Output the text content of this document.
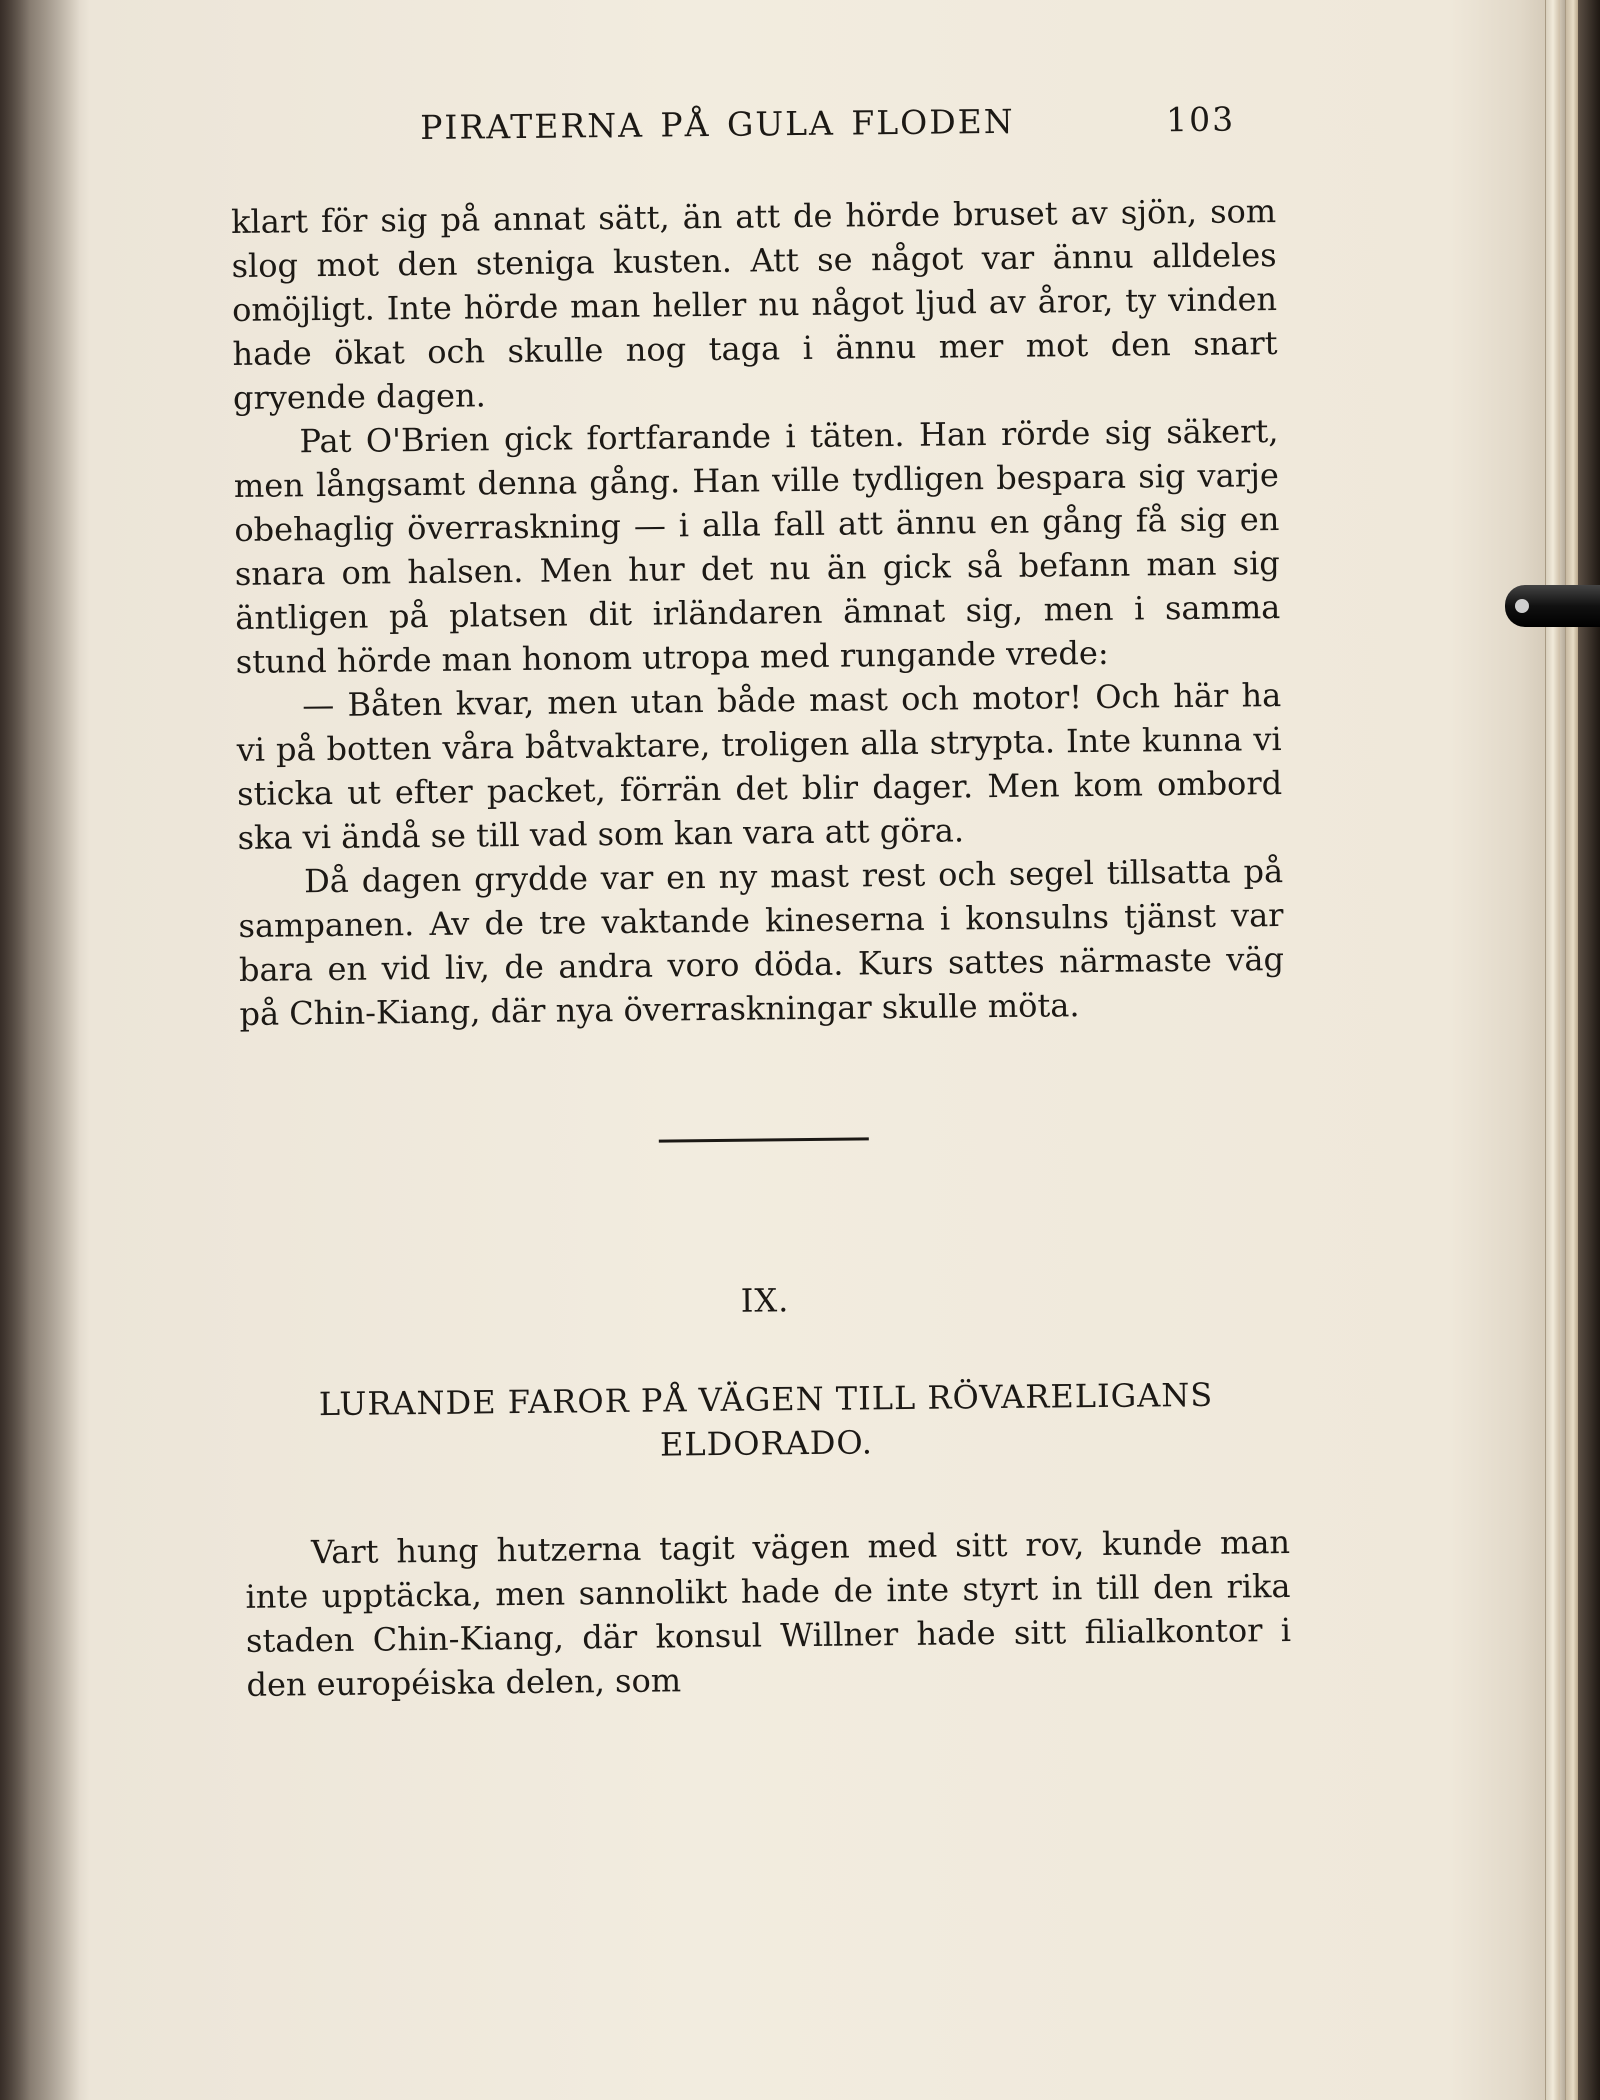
PIRATERNA PÅ GULA FLODEN	103

klart för sig på annat sätt, än att de hörde bruset av sjön, som slog mot den steniga kusten. Att se något var ännu alldeles omöjligt. Inte hörde man heller nu något ljud av åror, ty vinden hade ökat och skulle nog taga i ännu mer mot den snart gryende dagen.

Pat O'Brien gick fortfarande i täten. Han rörde sig säkert, men långsamt denna gång. Han ville tydligen bespara sig varje obehaglig överraskning — i alla fall att ännu en gång få sig en snara om halsen. Men hur det nu än gick så befann man sig äntligen på platsen dit irländaren ämnat sig, men i samma stund hörde man honom utropa med rungande vrede:

— Båten kvar, men utan både mast och motor! Och här ha vi på botten våra båtvaktare, troligen alla strypta. Inte kunna vi sticka ut efter packet, förrän det blir dager. Men kom ombord ska vi ändå se till vad som kan vara att göra.

Då dagen grydde var en ny mast rest och segel tillsatta på sampanen. Av de tre vaktande kineserna i konsulns tjänst var bara en vid liv, de andra voro döda. Kurs sattes närmaste väg på Chin-Kiang, där nya överraskningar skulle möta.

IX.
LURANDE FAROR PÅ VÄGEN TILL RÖVARELIGANS ELDORADO.

Vart hung hutzerna tagit vägen med sitt rov, kunde man inte upptäcka, men sannolikt hade de inte styrt in till den rika staden Chin-Kiang, där konsul Willner hade sitt filialkontor i den européiska delen, som
